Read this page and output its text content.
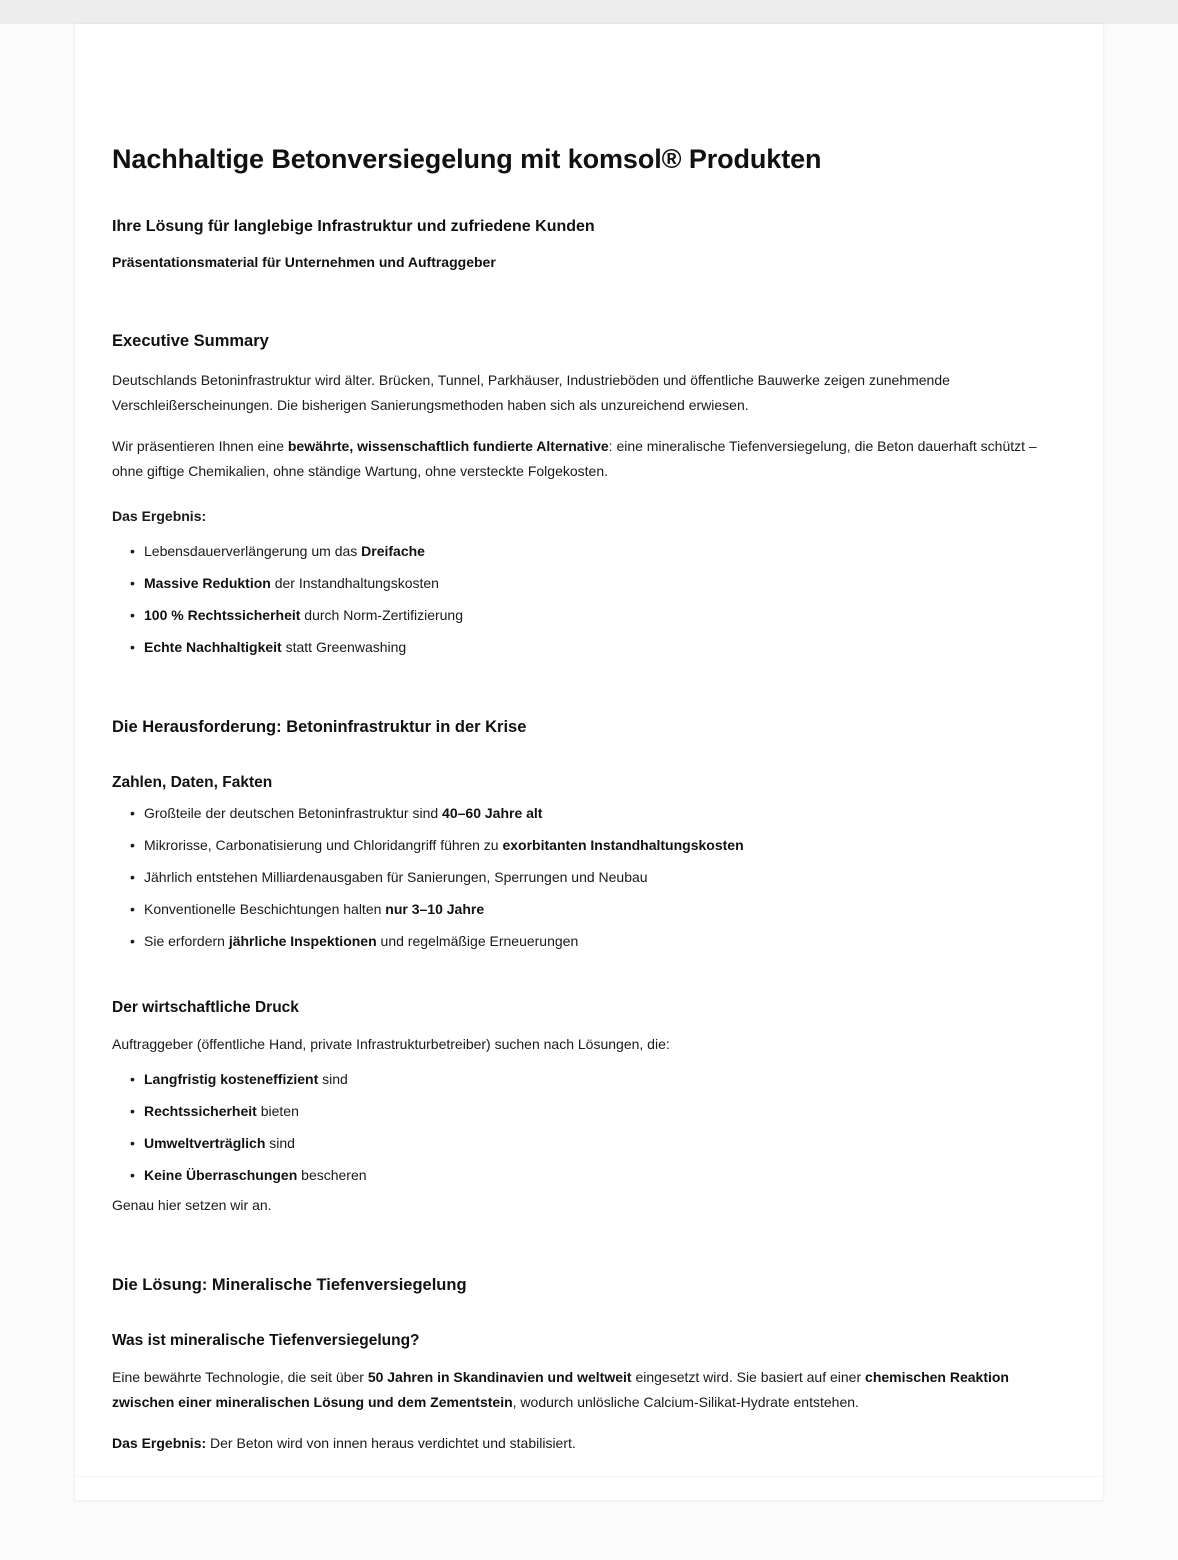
Nachhaltige Betonversiegelung mit komsol® Produkten
Ihre Lösung für langlebige Infrastruktur und zufriedene Kunden
Präsentationsmaterial für Unternehmen und Auftraggeber
Executive Summary

Deutschlands Betoninfrastruktur wird älter. Brücken, Tunnel, Parkhäuser, Industrieböden und öffentliche Bauwerke zeigen zunehmende Verschleißerscheinungen. Die bisherigen Sanierungsmethoden haben sich als unzureichend erwiesen.

Wir präsentieren Ihnen eine bewährte, wissenschaftlich fundierte Alternative: eine mineralische Tiefenversiegelung, die Beton dauerhaft schützt – ohne giftige Chemikalien, ohne ständige Wartung, ohne versteckte Folgekosten.

Das Ergebnis:

• Lebensdauerverlängerung um das Dreifache
• Massive Reduktion der Instandhaltungskosten
• 100 % Rechtssicherheit durch Norm-Zertifizierung
• Echte Nachhaltigkeit statt Greenwashing
Die Herausforderung: Betoninfrastruktur in der Krise
Zahlen, Daten, Fakten
• Großteile der deutschen Betoninfrastruktur sind 40–60 Jahre alt
• Mikrorisse, Carbonatisierung und Chloridangriff führen zu exorbitanten Instandhaltungskosten
• Jährlich entstehen Milliardenausgaben für Sanierungen, Sperrungen und Neubau
• Konventionelle Beschichtungen halten nur 3–10 Jahre
• Sie erfordern jährliche Inspektionen und regelmäßige Erneuerungen
Der wirtschaftliche Druck

Auftraggeber (öffentliche Hand, private Infrastrukturbetreiber) suchen nach Lösungen, die:

• Langfristig kosteneffizient sind
• Rechtssicherheit bieten
• Umweltverträglich sind
• Keine Überraschungen bescheren

Genau hier setzen wir an.

Die Lösung: Mineralische Tiefenversiegelung
Was ist mineralische Tiefenversiegelung?

Eine bewährte Technologie, die seit über 50 Jahren in Skandinavien und weltweit eingesetzt wird. Sie basiert auf einer chemischen Reaktion zwischen einer mineralischen Lösung und dem Zementstein, wodurch unlösliche Calcium-Silikat-Hydrate entstehen.

Das Ergebnis: Der Beton wird von innen heraus verdichtet und stabilisiert.
